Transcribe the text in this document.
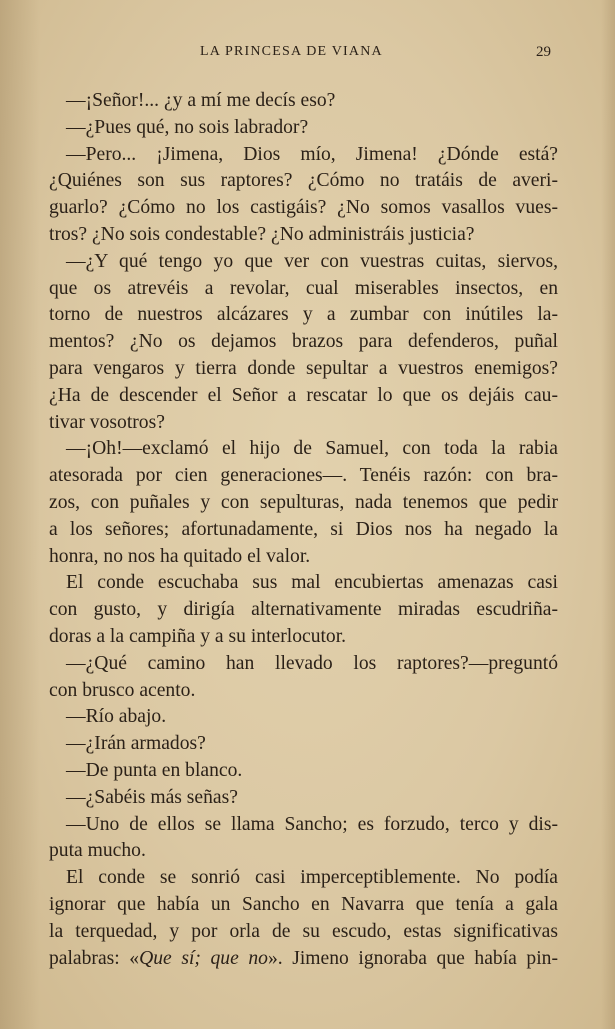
LA PRINCESA DE VIANA	29
—¡Señor!... ¿y a mí me decís eso?
—¿Pues qué, no sois labrador?
—Pero... ¡Jimena, Dios mío, Jimena! ¿Dónde está?
¿Quiénes son sus raptores? ¿Cómo no tratáis de averi-
guarlo? ¿Cómo no los castigáis? ¿No somos vasallos vues-
tros? ¿No sois condestable? ¿No administráis justicia?
—¿Y qué tengo yo que ver con vuestras cuitas, siervos,
que os atrevéis a revolar, cual miserables insectos, en
torno de nuestros alcázares y a zumbar con inútiles la-
mentos? ¿No os dejamos brazos para defenderos, puñal
para vengaros y tierra donde sepultar a vuestros enemigos?
¿Ha de descender el Señor a rescatar lo que os dejáis cau-
tivar vosotros?
—¡Oh!—exclamó el hijo de Samuel, con toda la rabia
atesorada por cien generaciones—. Tenéis razón: con bra-
zos, con puñales y con sepulturas, nada tenemos que pedir
a los señores; afortunadamente, si Dios nos ha negado la
honra, no nos ha quitado el valor.
El conde escuchaba sus mal encubiertas amenazas casi
con gusto, y dirigía alternativamente miradas escudriña-
doras a la campiña y a su interlocutor.
—¿Qué camino han llevado los raptores?—preguntó
con brusco acento.
—Río abajo.
—¿Irán armados?
—De punta en blanco.
—¿Sabéis más señas?
—Uno de ellos se llama Sancho; es forzudo, terco y dis-
puta mucho.
El conde se sonrió casi imperceptiblemente. No podía
ignorar que había un Sancho en Navarra que tenía a gala
la terquedad, y por orla de su escudo, estas significativas
palabras: «Que sí; que no». Jimeno ignoraba que había pin-
